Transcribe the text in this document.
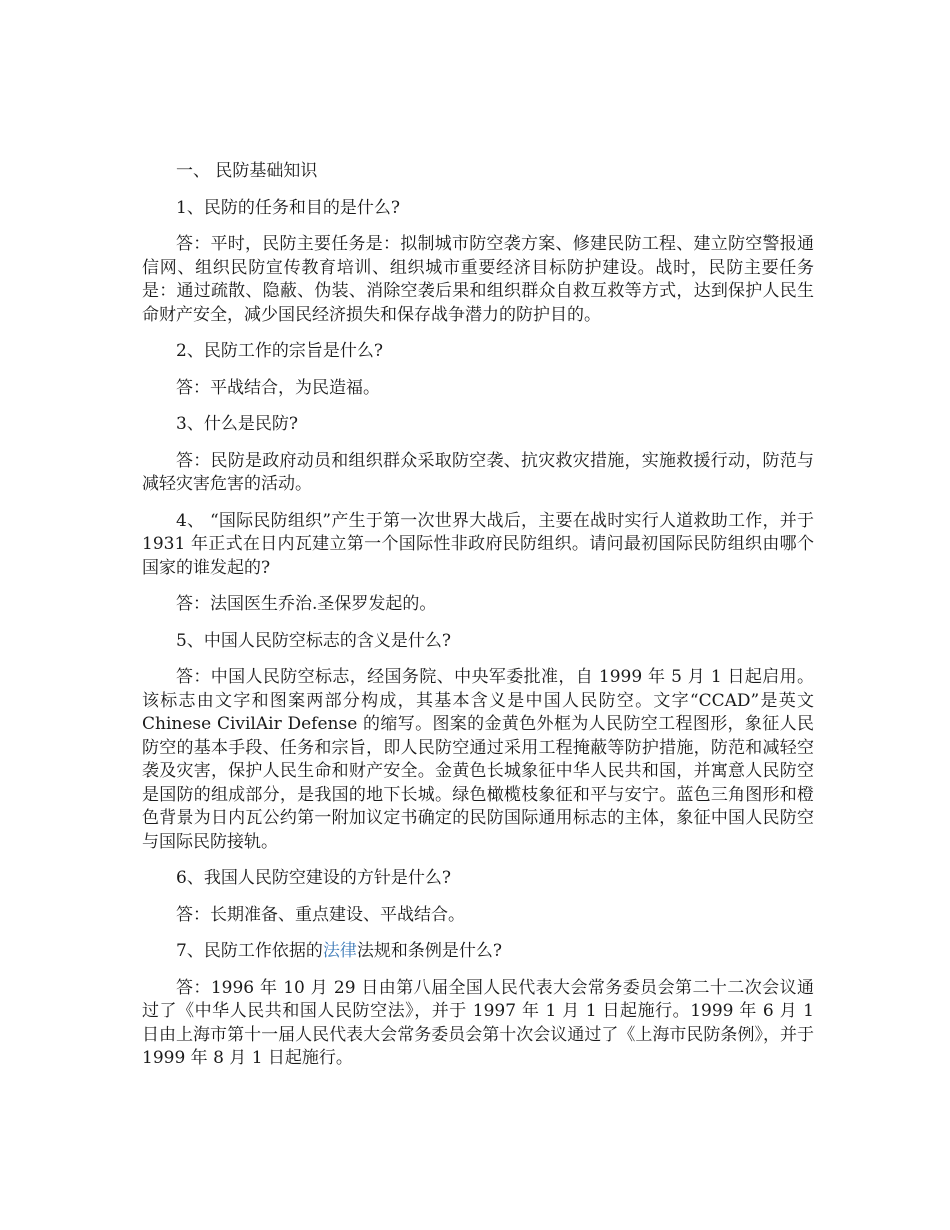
一、 民防基础知识

1、民防的任务和目的是什么?

答：平时，民防主要任务是：拟制城市防空袭方案、修建民防工程、建立防空警报通信网、组织民防宣传教育培训、组织城市重要经济目标防护建设。战时，民防主要任务是：通过疏散、隐蔽、伪装、消除空袭后果和组织群众自救互救等方式，达到保护人民生命财产安全，减少国民经济损失和保存战争潜力的防护目的。

2、民防工作的宗旨是什么?

答：平战结合，为民造福。

3、什么是民防?

答：民防是政府动员和组织群众采取防空袭、抗灾救灾措施，实施救援行动，防范与减轻灾害危害的活动。

4、 “国际民防组织”产生于第一次世界大战后，主要在战时实行人道救助工作，并于 1931 年正式在日内瓦建立第一个国际性非政府民防组织。请问最初国际民防组织由哪个国家的谁发起的?

答：法国医生乔治.圣保罗发起的。

5、中国人民防空标志的含义是什么?

答：中国人民防空标志，经国务院、中央军委批准，自 1999 年 5 月 1 日起启用。该标志由文字和图案两部分构成，其基本含义是中国人民防空。文字“CCAD”是英文 Chinese CivilAir Defense 的缩写。图案的金黄色外框为人民防空工程图形，象征人民防空的基本手段、任务和宗旨，即人民防空通过采用工程掩蔽等防护措施，防范和减轻空袭及灾害，保护人民生命和财产安全。金黄色长城象征中华人民共和国，并寓意人民防空是国防的组成部分，是我国的地下长城。绿色橄榄枝象征和平与安宁。蓝色三角图形和橙色背景为日内瓦公约第一附加议定书确定的民防国际通用标志的主体，象征中国人民防空与国际民防接轨。

6、我国人民防空建设的方针是什么?

答：长期准备、重点建设、平战结合。

7、民防工作依据的法律法规和条例是什么?

答：1996 年 10 月 29 日由第八届全国人民代表大会常务委员会第二十二次会议通过了《中华人民共和国人民防空法》，并于 1997 年 1 月 1 日起施行。1999 年 6 月 1 日由上海市第十一届人民代表大会常务委员会第十次会议通过了《上海市民防条例》，并于 1999 年 8 月 1 日起施行。
